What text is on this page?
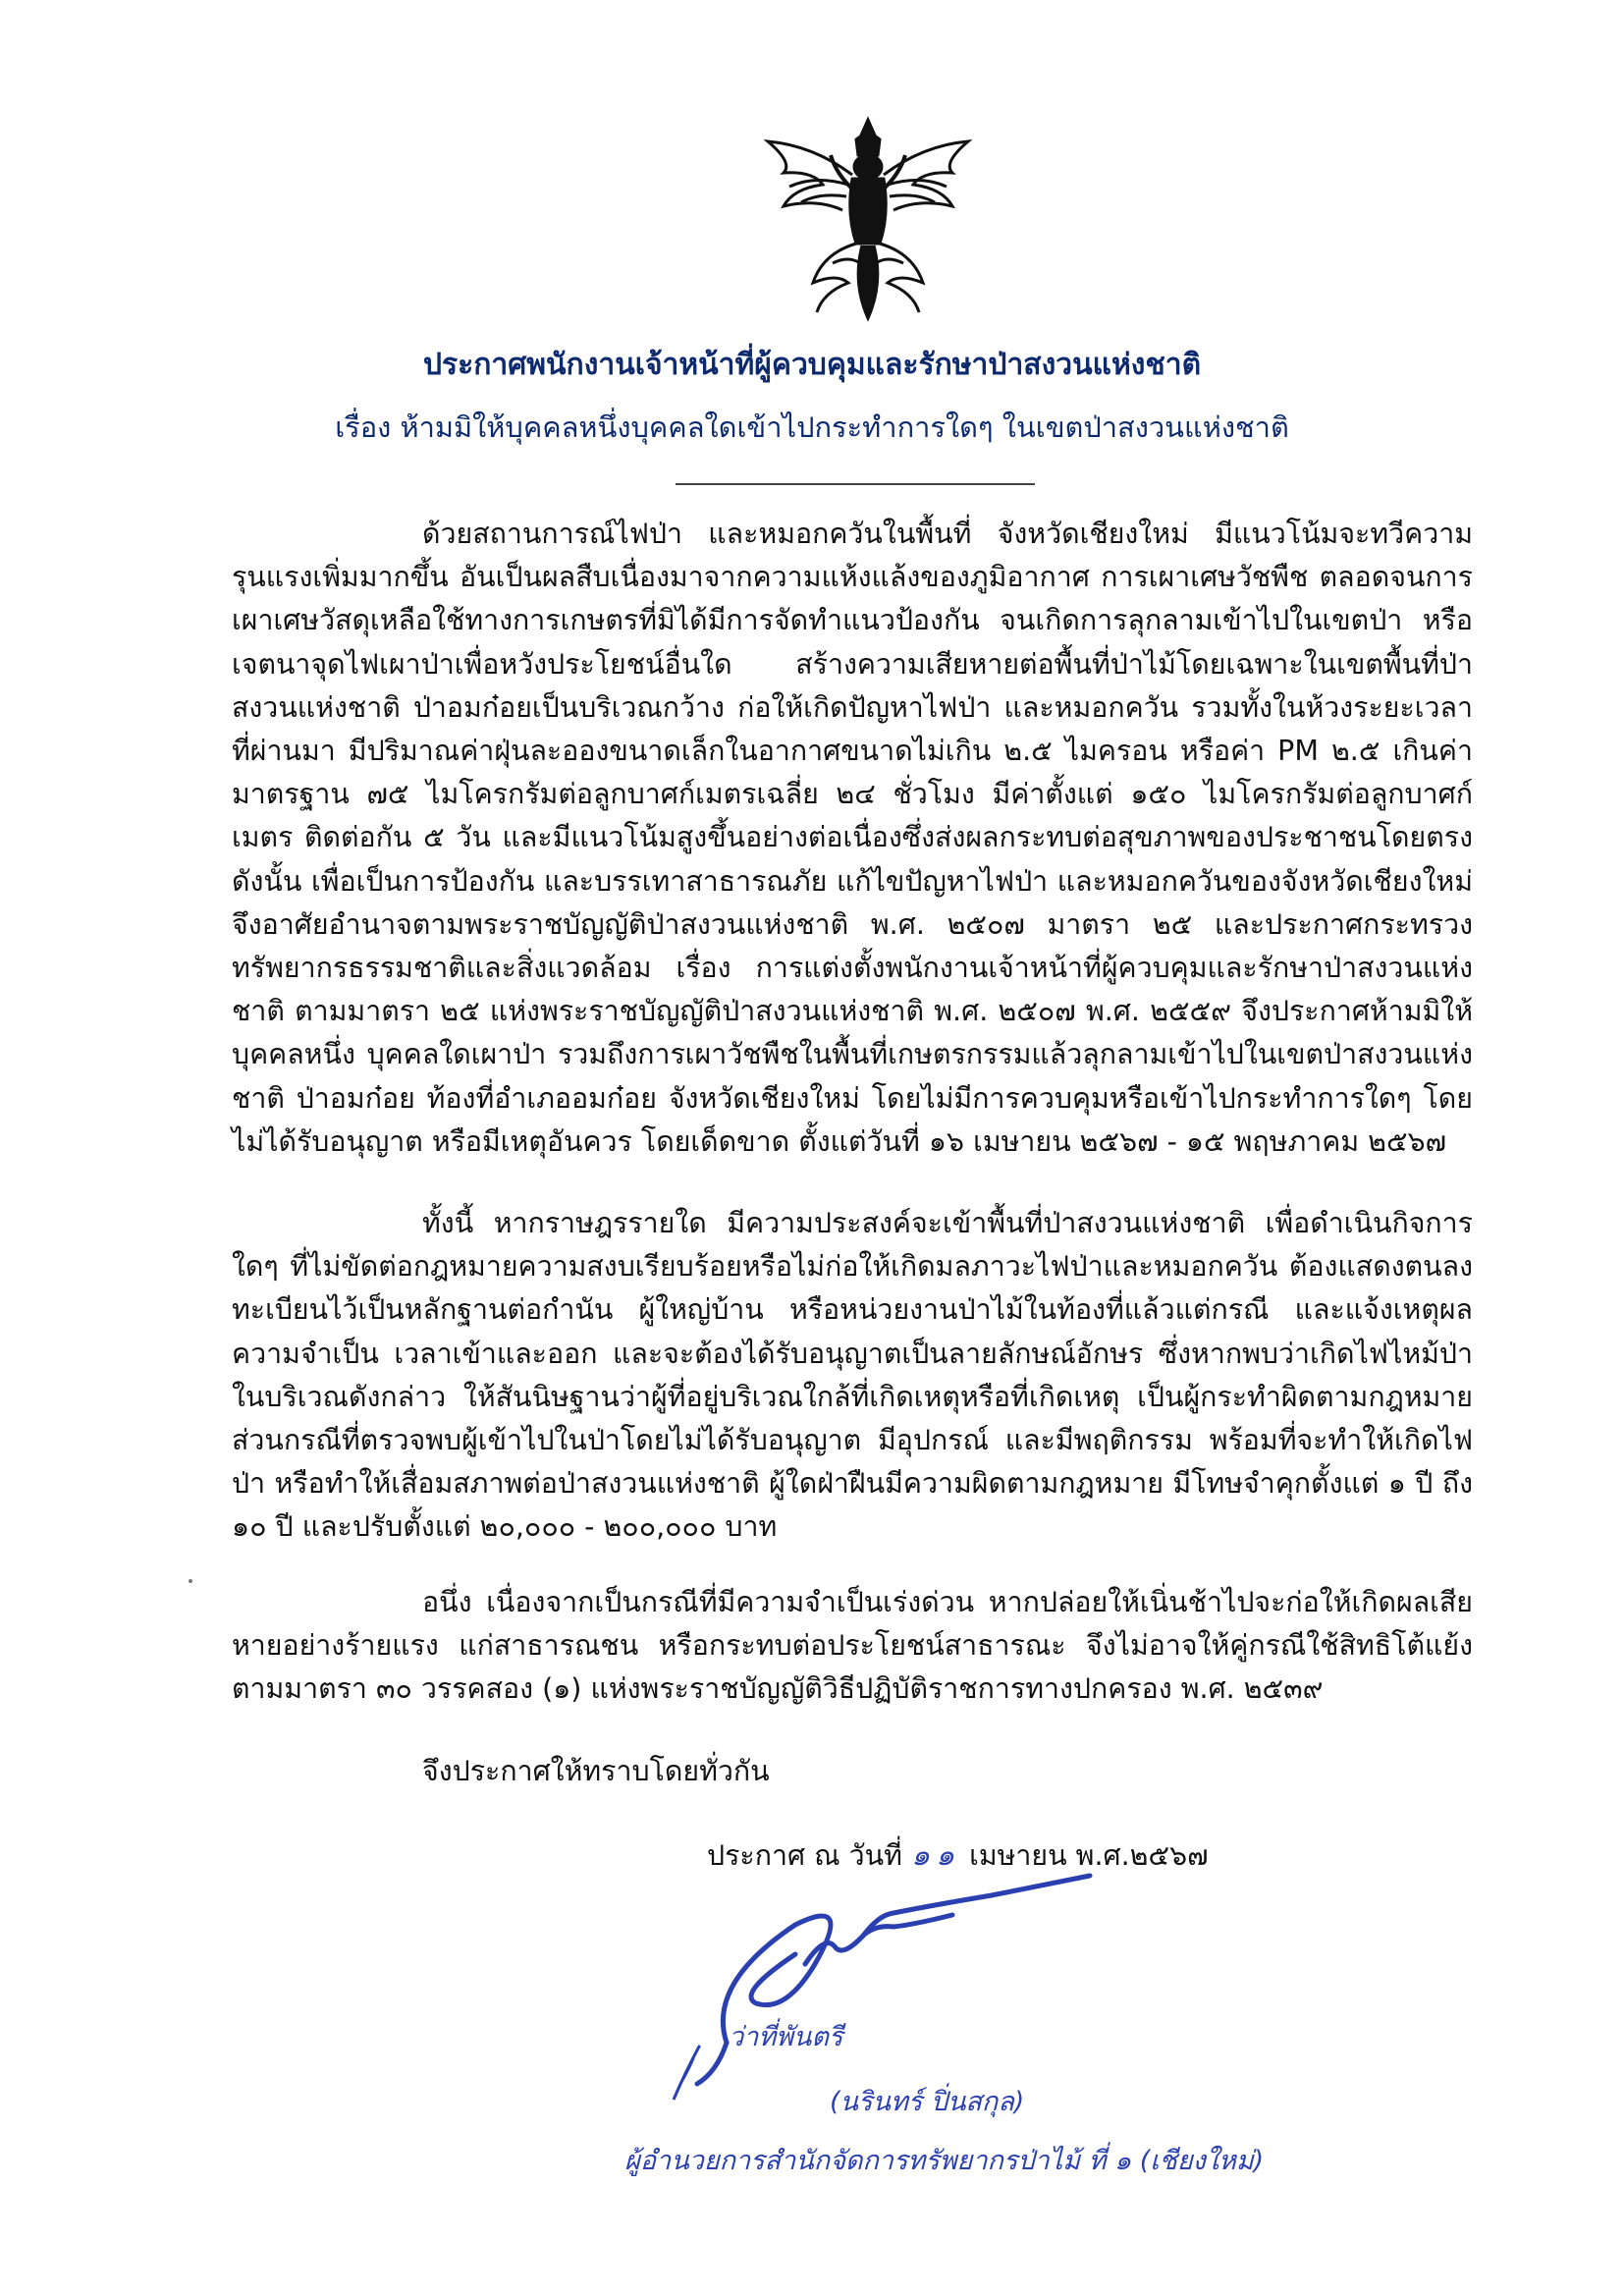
ประกาศพนักงานเจ้าหน้าที่ผู้ควบคุมและรักษาป่าสงวนแห่งชาติ
เรื่อง ห้ามมิให้บุคคลหนึ่งบุคคลใดเข้าไปกระทำการใดๆ ในเขตป่าสงวนแห่งชาติ
ด้วยสถานการณ์ไฟป่า และหมอกควันในพื้นที่ จังหวัดเชียงใหม่ มีแนวโน้มจะทวีความรุนแรงเพิ่มมากขึ้น อันเป็นผลสืบเนื่องมาจากความแห้งแล้งของภูมิอากาศ การเผาเศษวัชพืช ตลอดจนการเผาเศษวัสดุเหลือใช้ทางการเกษตรที่มิได้มีการจัดทำแนวป้องกัน จนเกิดการลุกลามเข้าไปในเขตป่า หรือเจตนาจุดไฟเผาป่าเพื่อหวังประโยชน์อื่นใด สร้างความเสียหายต่อพื้นที่ป่าไม้โดยเฉพาะในเขตพื้นที่ป่าสงวนแห่งชาติ ป่าอมก๋อยเป็นบริเวณกว้าง ก่อให้เกิดปัญหาไฟป่า และหมอกควัน รวมทั้งในห้วงระยะเวลาที่ผ่านมา มีปริมาณค่าฝุ่นละอองขนาดเล็กในอากาศขนาดไม่เกิน ๒.๕ ไมครอน หรือค่า PM ๒.๕ เกินค่ามาตรฐาน ๗๕ ไมโครกรัมต่อลูกบาศก์เมตรเฉลี่ย ๒๔ ชั่วโมง มีค่าตั้งแต่ ๑๕๐ ไมโครกรัมต่อลูกบาศก์เมตร ติดต่อกัน ๕ วัน และมีแนวโน้มสูงขึ้นอย่างต่อเนื่องซึ่งส่งผลกระทบต่อสุขภาพของประชาชนโดยตรง ดังนั้น เพื่อเป็นการป้องกัน และบรรเทาสาธารณภัย แก้ไขปัญหาไฟป่า และหมอกควันของจังหวัดเชียงใหม่ จึงอาศัยอำนาจตามพระราชบัญญัติป่าสงวนแห่งชาติ พ.ศ. ๒๕๐๗ มาตรา ๒๕ และประกาศกระทรวงทรัพยากรธรรมชาติและสิ่งแวดล้อม เรื่อง การแต่งตั้งพนักงานเจ้าหน้าที่ผู้ควบคุมและรักษาป่าสงวนแห่งชาติ ตามมาตรา ๒๕ แห่งพระราชบัญญัติป่าสงวนแห่งชาติ พ.ศ. ๒๕๐๗ พ.ศ. ๒๕๕๙ จึงประกาศห้ามมิให้บุคคลหนึ่ง บุคคลใดเผาป่า รวมถึงการเผาวัชพืชในพื้นที่เกษตรกรรมแล้วลุกลามเข้าไปในเขตป่าสงวนแห่งชาติ ป่าอมก๋อย ท้องที่อำเภออมก๋อย จังหวัดเชียงใหม่ โดยไม่มีการควบคุมหรือเข้าไปกระทำการใดๆ โดยไม่ได้รับอนุญาต หรือมีเหตุอันควร โดยเด็ดขาด ตั้งแต่วันที่ ๑๖ เมษายน ๒๕๖๗ - ๑๕ พฤษภาคม ๒๕๖๗
ทั้งนี้ หากราษฎรรายใด มีความประสงค์จะเข้าพื้นที่ป่าสงวนแห่งชาติ เพื่อดำเนินกิจการใดๆ ที่ไม่ขัดต่อกฎหมายความสงบเรียบร้อยหรือไม่ก่อให้เกิดมลภาวะไฟป่าและหมอกควัน ต้องแสดงตนลงทะเบียนไว้เป็นหลักฐานต่อกำนัน ผู้ใหญ่บ้าน หรือหน่วยงานป่าไม้ในท้องที่แล้วแต่กรณี และแจ้งเหตุผลความจำเป็น เวลาเข้าและออก และจะต้องได้รับอนุญาตเป็นลายลักษณ์อักษร ซึ่งหากพบว่าเกิดไฟไหม้ป่าในบริเวณดังกล่าว ให้สันนิษฐานว่าผู้ที่อยู่บริเวณใกล้ที่เกิดเหตุหรือที่เกิดเหตุ เป็นผู้กระทำผิดตามกฎหมาย ส่วนกรณีที่ตรวจพบผู้เข้าไปในป่าโดยไม่ได้รับอนุญาต มีอุปกรณ์ และมีพฤติกรรม พร้อมที่จะทำให้เกิดไฟป่า หรือทำให้เสื่อมสภาพต่อป่าสงวนแห่งชาติ ผู้ใดฝ่าฝืนมีความผิดตามกฎหมาย มีโทษจำคุกตั้งแต่ ๑ ปี ถึง ๑๐ ปี และปรับตั้งแต่ ๒๐,๐๐๐ - ๒๐๐,๐๐๐ บาท
อนึ่ง เนื่องจากเป็นกรณีที่มีความจำเป็นเร่งด่วน หากปล่อยให้เนิ่นช้าไปจะก่อให้เกิดผลเสียหายอย่างร้ายแรง แก่สาธารณชน หรือกระทบต่อประโยชน์สาธารณะ จึงไม่อาจให้คู่กรณีใช้สิทธิโต้แย้งตามมาตรา ๓๐ วรรคสอง (๑) แห่งพระราชบัญญัติวิธีปฏิบัติราชการทางปกครอง พ.ศ. ๒๕๓๙
จึงประกาศให้ทราบโดยทั่วกัน
ประกาศ ณ วันที่ ๑๑ เมษายน พ.ศ.๒๕๖๗
ว่าที่พันตรี
(นรินทร์ ปิ่นสกุล)
ผู้อำนวยการสำนักจัดการทรัพยากรป่าไม้ ที่ ๑ (เชียงใหม่)
